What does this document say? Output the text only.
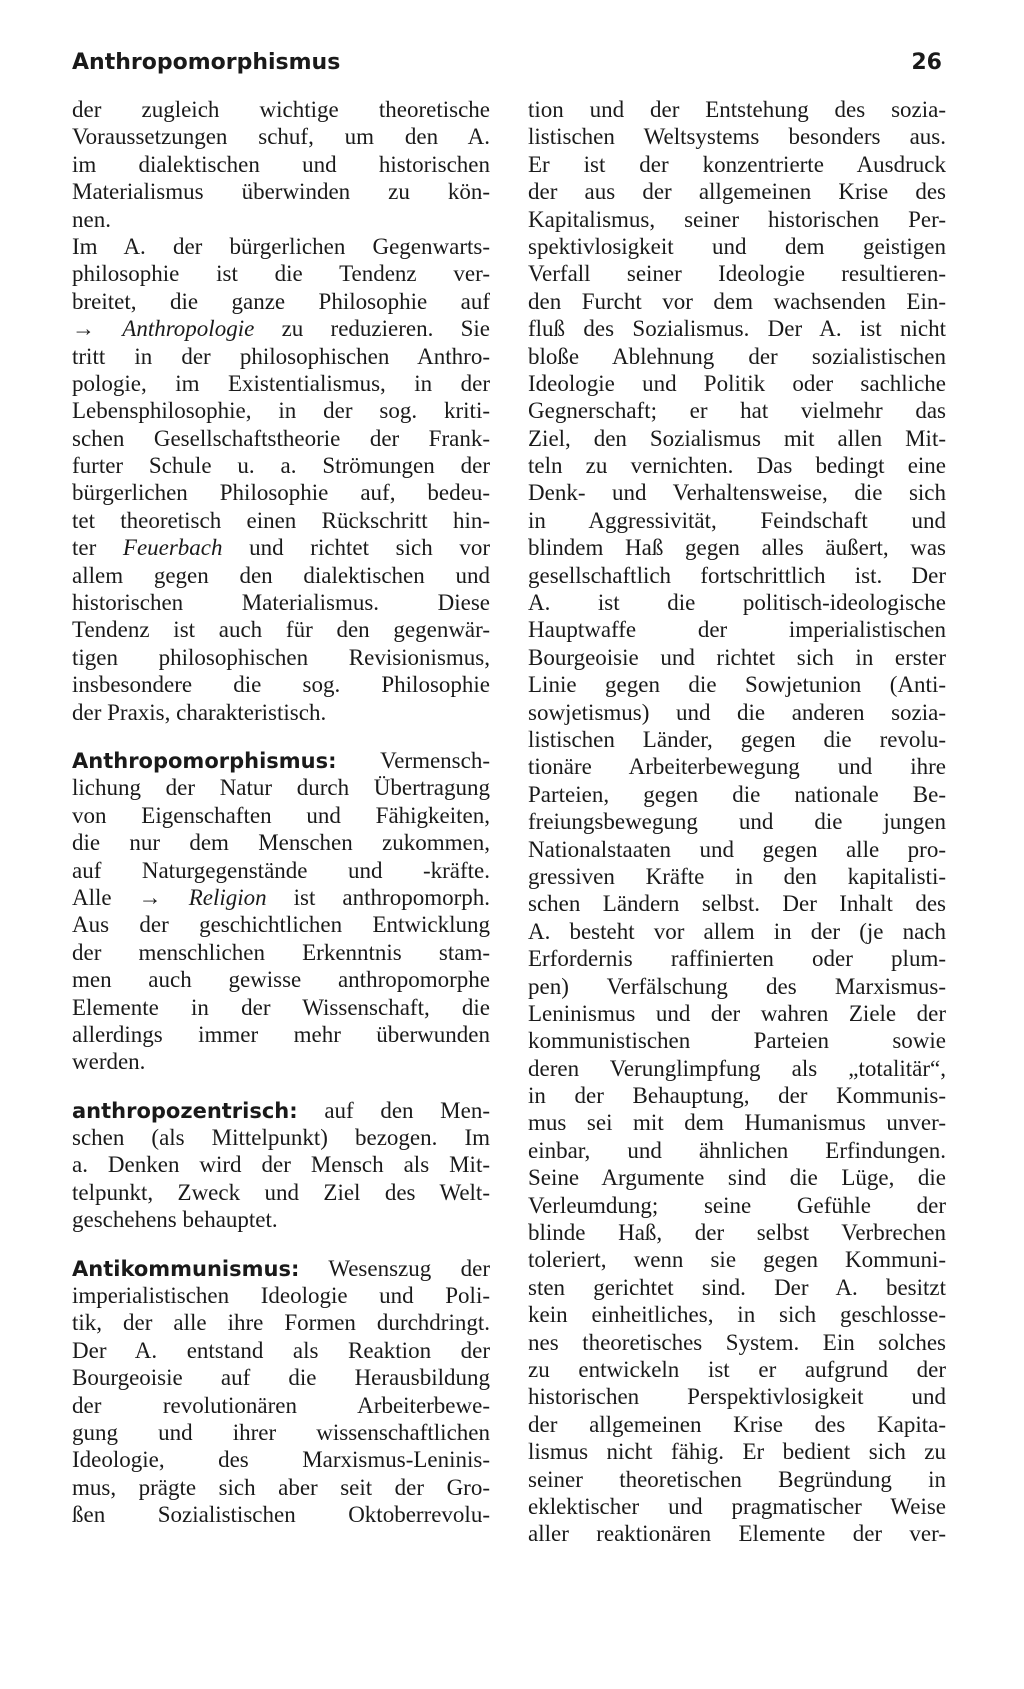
Anthropomorphismus	26
der zugleich wichtige theoretische
Voraussetzungen schuf, um den A.
im dialektischen und historischen
Materialismus überwinden zu kön-
nen.
Im A. der bürgerlichen Gegenwarts-
philosophie ist die Tendenz ver-
breitet, die ganze Philosophie auf
→ Anthropologie zu reduzieren. Sie
tritt in der philosophischen Anthro-
pologie, im Existentialismus, in der
Lebensphilosophie, in der sog. kriti-
schen Gesellschaftstheorie der Frank-
furter Schule u. a. Strömungen der
bürgerlichen Philosophie auf, bedeu-
tet theoretisch einen Rückschritt hin-
ter Feuerbach und richtet sich vor
allem gegen den dialektischen und
historischen Materialismus. Diese
Tendenz ist auch für den gegenwär-
tigen philosophischen Revisionismus,
insbesondere die sog. Philosophie
der Praxis, charakteristisch.
Anthropomorphismus: Vermensch-
lichung der Natur durch Übertragung
von Eigenschaften und Fähigkeiten,
die nur dem Menschen zukommen,
auf Naturgegenstände und -kräfte.
Alle → Religion ist anthropomorph.
Aus der geschichtlichen Entwicklung
der menschlichen Erkenntnis stam-
men auch gewisse anthropomorphe
Elemente in der Wissenschaft, die
allerdings immer mehr überwunden
werden.
anthropozentrisch: auf den Men-
schen (als Mittelpunkt) bezogen. Im
a. Denken wird der Mensch als Mit-
telpunkt, Zweck und Ziel des Welt-
geschehens behauptet.
Antikommunismus: Wesenszug der
imperialistischen Ideologie und Poli-
tik, der alle ihre Formen durchdringt.
Der A. entstand als Reaktion der
Bourgeoisie auf die Herausbildung
der revolutionären Arbeiterbewe-
gung und ihrer wissenschaftlichen
Ideologie, des Marxismus-Leninis-
mus, prägte sich aber seit der Gro-
ßen Sozialistischen Oktoberrevolu-
tion und der Entstehung des sozia-
listischen Weltsystems besonders aus.
Er ist der konzentrierte Ausdruck
der aus der allgemeinen Krise des
Kapitalismus, seiner historischen Per-
spektivlosigkeit und dem geistigen
Verfall seiner Ideologie resultieren-
den Furcht vor dem wachsenden Ein-
fluß des Sozialismus. Der A. ist nicht
bloße Ablehnung der sozialistischen
Ideologie und Politik oder sachliche
Gegnerschaft; er hat vielmehr das
Ziel, den Sozialismus mit allen Mit-
teln zu vernichten. Das bedingt eine
Denk- und Verhaltensweise, die sich
in Aggressivität, Feindschaft und
blindem Haß gegen alles äußert, was
gesellschaftlich fortschrittlich ist. Der
A. ist die politisch-ideologische
Hauptwaffe der imperialistischen
Bourgeoisie und richtet sich in erster
Linie gegen die Sowjetunion (Anti-
sowjetismus) und die anderen sozia-
listischen Länder, gegen die revolu-
tionäre Arbeiterbewegung und ihre
Parteien, gegen die nationale Be-
freiungsbewegung und die jungen
Nationalstaaten und gegen alle pro-
gressiven Kräfte in den kapitalisti-
schen Ländern selbst. Der Inhalt des
A. besteht vor allem in der (je nach
Erfordernis raffinierten oder plum-
pen) Verfälschung des Marxismus-
Leninismus und der wahren Ziele der
kommunistischen Parteien sowie
deren Verunglimpfung als „totalitär“,
in der Behauptung, der Kommunis-
mus sei mit dem Humanismus unver-
einbar, und ähnlichen Erfindungen.
Seine Argumente sind die Lüge, die
Verleumdung; seine Gefühle der
blinde Haß, der selbst Verbrechen
toleriert, wenn sie gegen Kommuni-
sten gerichtet sind. Der A. besitzt
kein einheitliches, in sich geschlosse-
nes theoretisches System. Ein solches
zu entwickeln ist er aufgrund der
historischen Perspektivlosigkeit und
der allgemeinen Krise des Kapita-
lismus nicht fähig. Er bedient sich zu
seiner theoretischen Begründung in
eklektischer und pragmatischer Weise
aller reaktionären Elemente der ver-
